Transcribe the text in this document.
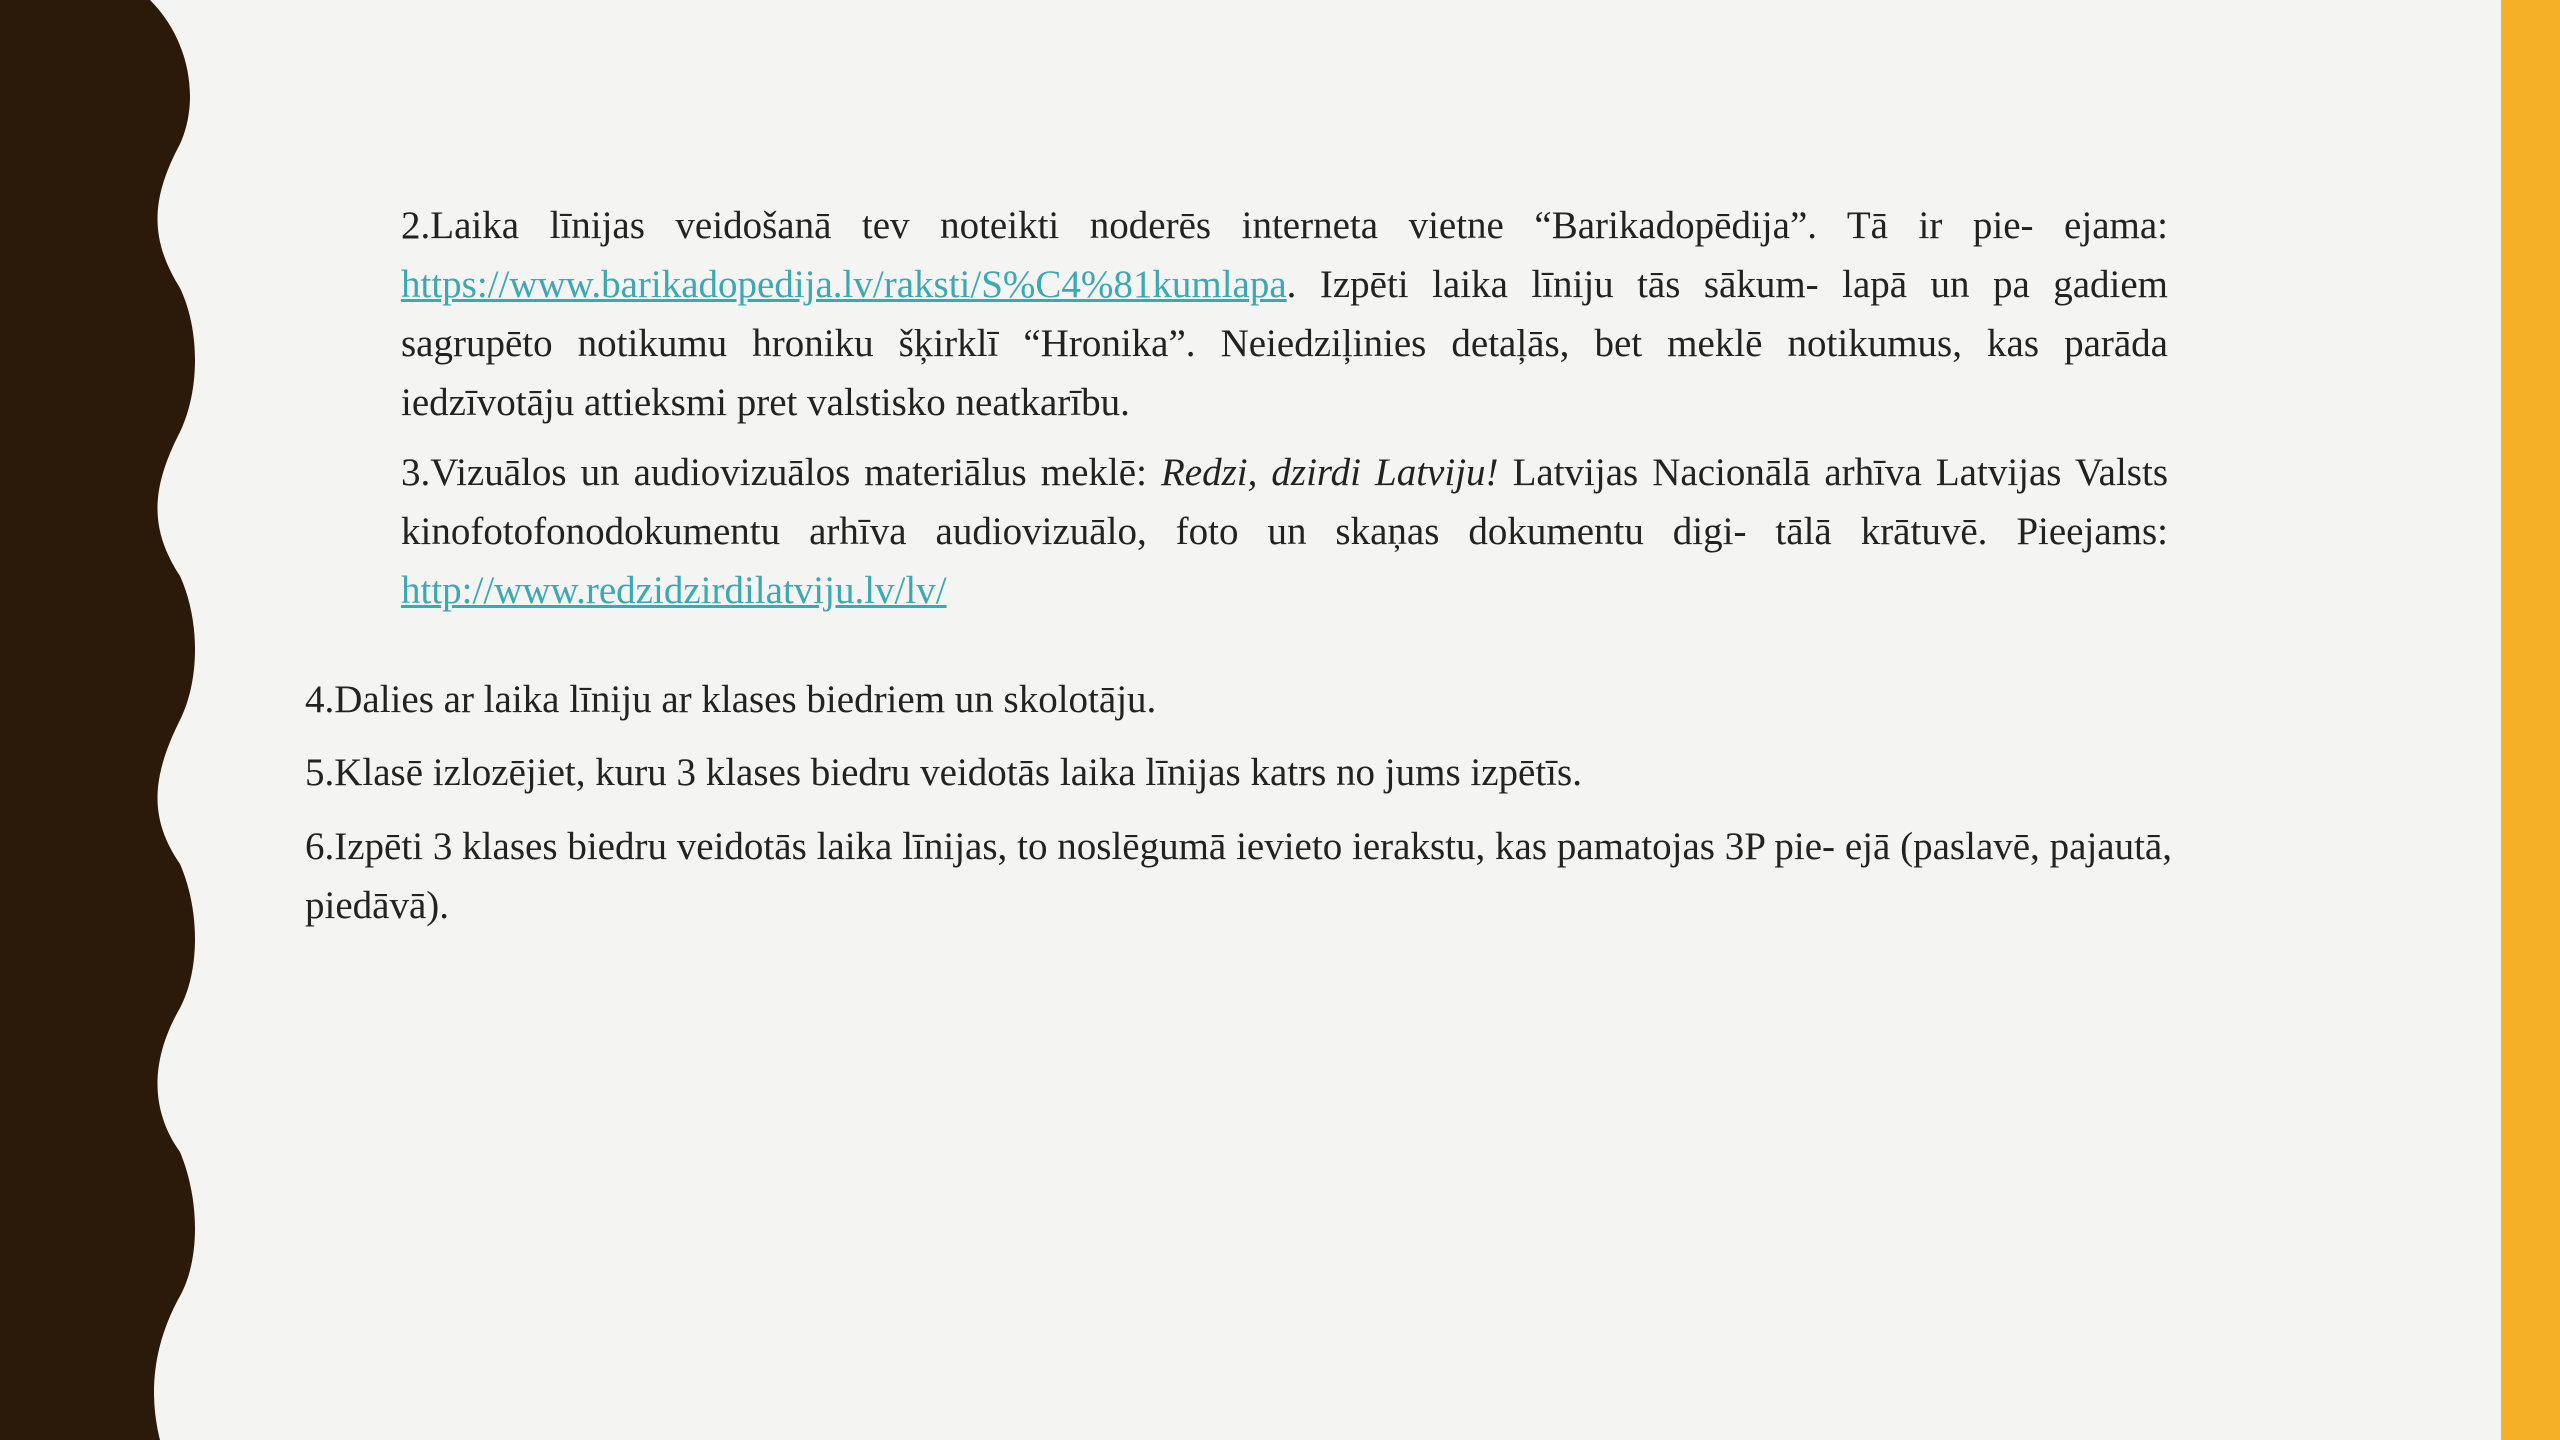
2.Laika līnijas veidošanā tev noteikti noderēs interneta vietne “Barikadopēdija”. Tā ir pie- ejama: https://www.barikadopedija.lv/raksti/S%C4%81kumlapa. Izpēti laika līniju tās sākum- lapā un pa gadiem sagrupēto notikumu hroniku šķirklī “Hronika”. Neiedziļinies detaļās, bet meklē notikumus, kas parāda iedzīvotāju attieksmi pret valstisko neatkarību.

3.Vizuālos un audiovizuālos materiālus meklē: Redzi, dzirdi Latviju! Latvijas Nacionālā arhīva Latvijas Valsts kinofotofonodokumentu arhīva audiovizuālo, foto un skaņas dokumentu digi- tālā krātuvē. Pieejams: http://www.redzidzirdilatviju.lv/lv/

4.Dalies ar laika līniju ar klases biedriem un skolotāju.

5.Klasē izlozējiet, kuru 3 klases biedru veidotās laika līnijas katrs no jums izpētīs.

6.Izpēti 3 klases biedru veidotās laika līnijas, to noslēgumā ievieto ierakstu, kas pamatojas 3P pie- ejā (paslavē, pajautā, piedāvā).
